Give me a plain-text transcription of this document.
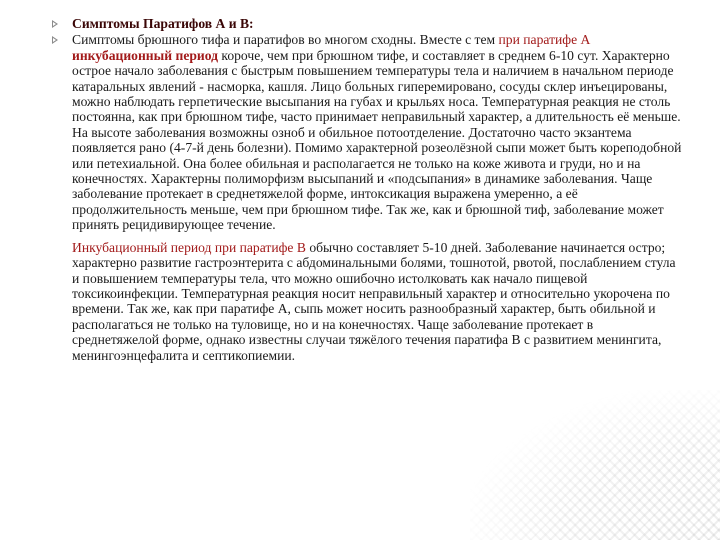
Симптомы Паратифов А и В:

Симптомы брюшного тифа и паратифов во многом сходны. Вместе с тем при паратифе А инкубационный период короче, чем при брюшном тифе, и составляет в среднем 6-10 сут. Характерно острое начало заболевания с быстрым повышением температуры тела и наличием в начальном периоде катаральных явлений - насморка, кашля. Лицо больных гиперемировано, сосуды склер инъецированы, можно наблюдать герпетические высыпания на губах и крыльях носа. Температурная реакция не столь постоянна, как при брюшном тифе, часто принимает неправильный характер, а длительность её меньше. На высоте заболевания возможны озноб и обильное потоотделение. Достаточно часто экзантема появляется рано (4-7-й день болезни). Помимо характерной розеолёзной сыпи может быть кореподобной или петехиальной. Она более обильная и располагается не только на коже живота и груди, но и на конечностях. Характерны полиморфизм высыпаний и «подсыпания» в динамике заболевания. Чаще заболевание протекает в среднетяжелой форме, интоксикация выражена умеренно, а её продолжительность меньше, чем при брюшном тифе. Так же, как и брюшной тиф, заболевание может принять рецидивирующее течение.

Инкубационный период при паратифе В обычно составляет 5-10 дней. Заболевание начинается остро; характерно развитие гастроэнтерита с абдоминальными болями, тошнотой, рвотой, послаблением стула и повышением температуры тела, что можно ошибочно истолковать как начало пищевой токсикоинфекции. Температурная реакция носит неправильный характер и относительно укорочена по времени. Так же, как при паратифе А, сыпь может носить разнообразный характер, быть обильной и располагаться не только на туловище, но и на конечностях. Чаще заболевание протекает в среднетяжелой форме, однако известны случаи тяжёлого течения паратифа В с развитием менингита, менингоэнцефалита и септикопиемии.
